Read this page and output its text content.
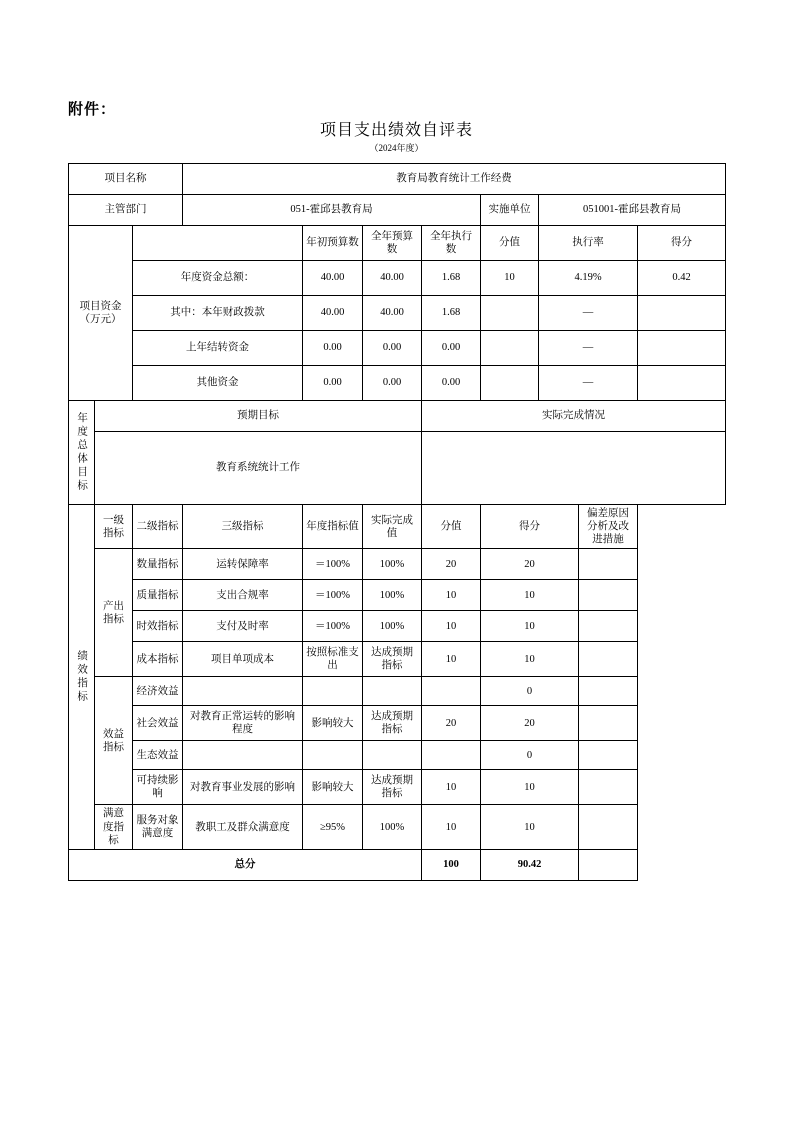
附件：
项目支出绩效自评表
（2024年度）
项目名称			教育局教育统计工作经费							
主管部门			051-霍邱县教育局				实施单位	051001-霍邱县教育局		

项目资金
（万元）				年初预算数	全年预算数	全年执行数	分值	执行率		得分
		年度资金总额：		40.00	40.00	1.68	10	4.19%		0.42
		其中：本年财政拨款		40.00	40.00	1.68		—		
		上年结转资金		0.00	0.00	0.00		—		
		其他资金		0.00	0.00	0.00		—		
年度总体目标	预期目标					实际完成情况				
	教育系统统计工作									
绩效指标	一级指标	二级指标	三级指标	年度指标值	实际完成值	分值	得分		偏差原因分析及改进措施	
	产出指标	数量指标	运转保障率	＝100%	100%	20	20			
		质量指标	支出合规率	＝100%	100%	10	10			
		时效指标	支付及时率	＝100%	100%	10	10			
		成本指标	项目单项成本	按照标准支出	达成预期指标	10	10			
	效益指标	经济效益					0			
		社会效益	对教育正常运转的影响程度	影响较大	达成预期指标	20	20			
		生态效益					0			
		可持续影响	对教育事业发展的影响	影响较大	达成预期指标	10	10			
	满意度指标	服务对象满意度	教职工及群众满意度	≥95%	100%	10	10			
总分						100	90.42			
